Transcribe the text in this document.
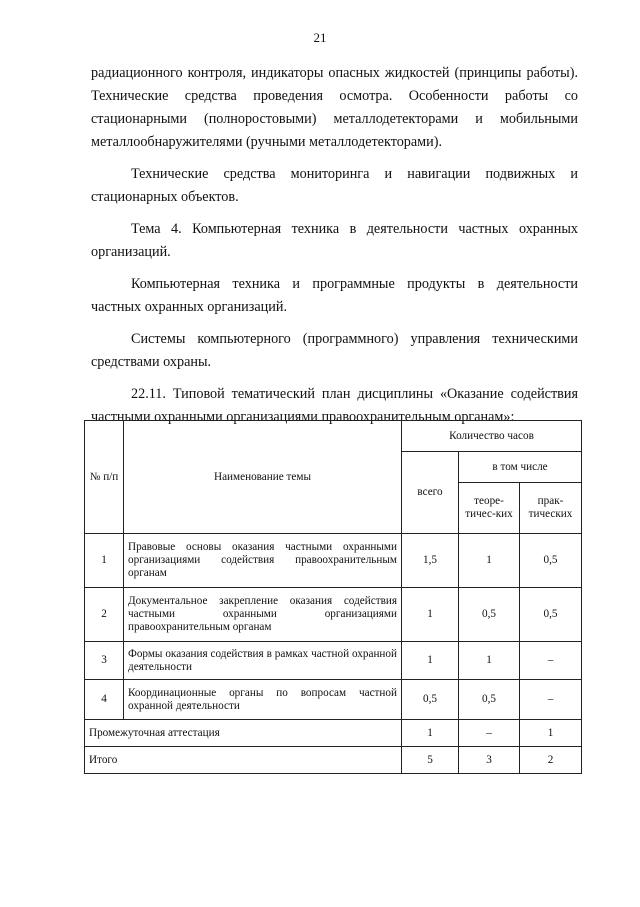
21

радиационного контроля, индикаторы опасных жидкостей (принципы работы). Технические средства проведения осмотра. Особенности работы со стационарными (полноростовыми) металлодетекторами и мобильными металлообнаружителями (ручными металлодетекторами).

Технические средства мониторинга и навигации подвижных и стационарных объектов.

Тема 4. Компьютерная техника в деятельности частных охранных организаций.

Компьютерная техника и программные продукты в деятельности частных охранных организаций.

Системы компьютерного (программного) управления техническими средствами охраны.

22.11. Типовой тематический план дисциплины «Оказание содействия частными охранными организациями правоохранительным органам»:

№ п/п	Наименование темы	Количество часов		
		всего	в том числе	
			теоре-тичес-ких	прак-тических
1	Правовые основы оказания частными охранными организациями содействия правоохранительным органам	1,5	1	0,5
2	Документальное закрепление оказания содействия частными охранными организациями правоохранительным органам	1	0,5	0,5
3	Формы оказания содействия в рамках частной охранной деятельности	1	1	–
4	Координационные органы по вопросам частной охранной деятельности	0,5	0,5	–
Промежуточная аттестация		1	–	1
Итого		5	3	2
